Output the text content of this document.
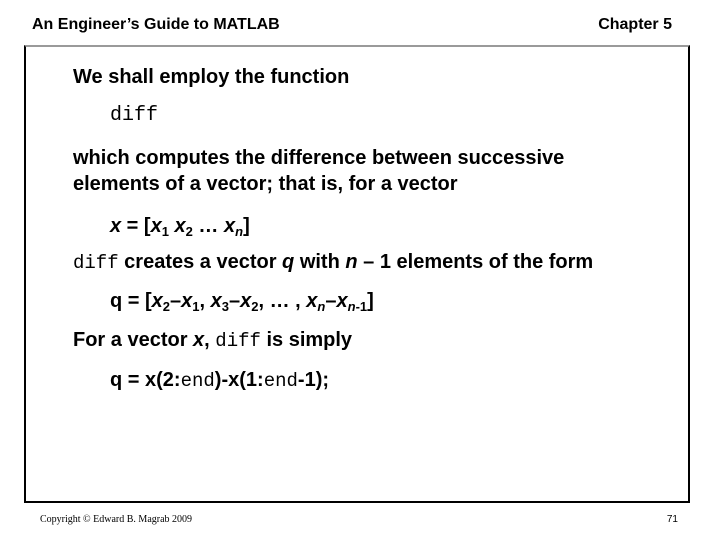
An Engineer’s Guide to MATLAB	Chapter 5
We shall employ the function
diff
which computes the difference between successive
elements of a vector; that is, for a vector
$x = [x_1$ $x_2$ … $x_n$]
diff creates a vector q with n – 1 elements of the form
$q = [x_2-x_1$, $x_3-x_2$, … , $x_n-x_{n-1}$]
For a vector x, diff is simply
q = x(2:end)-x(1:end-1);
Copyright © Edward B. Magrab 2009	71
